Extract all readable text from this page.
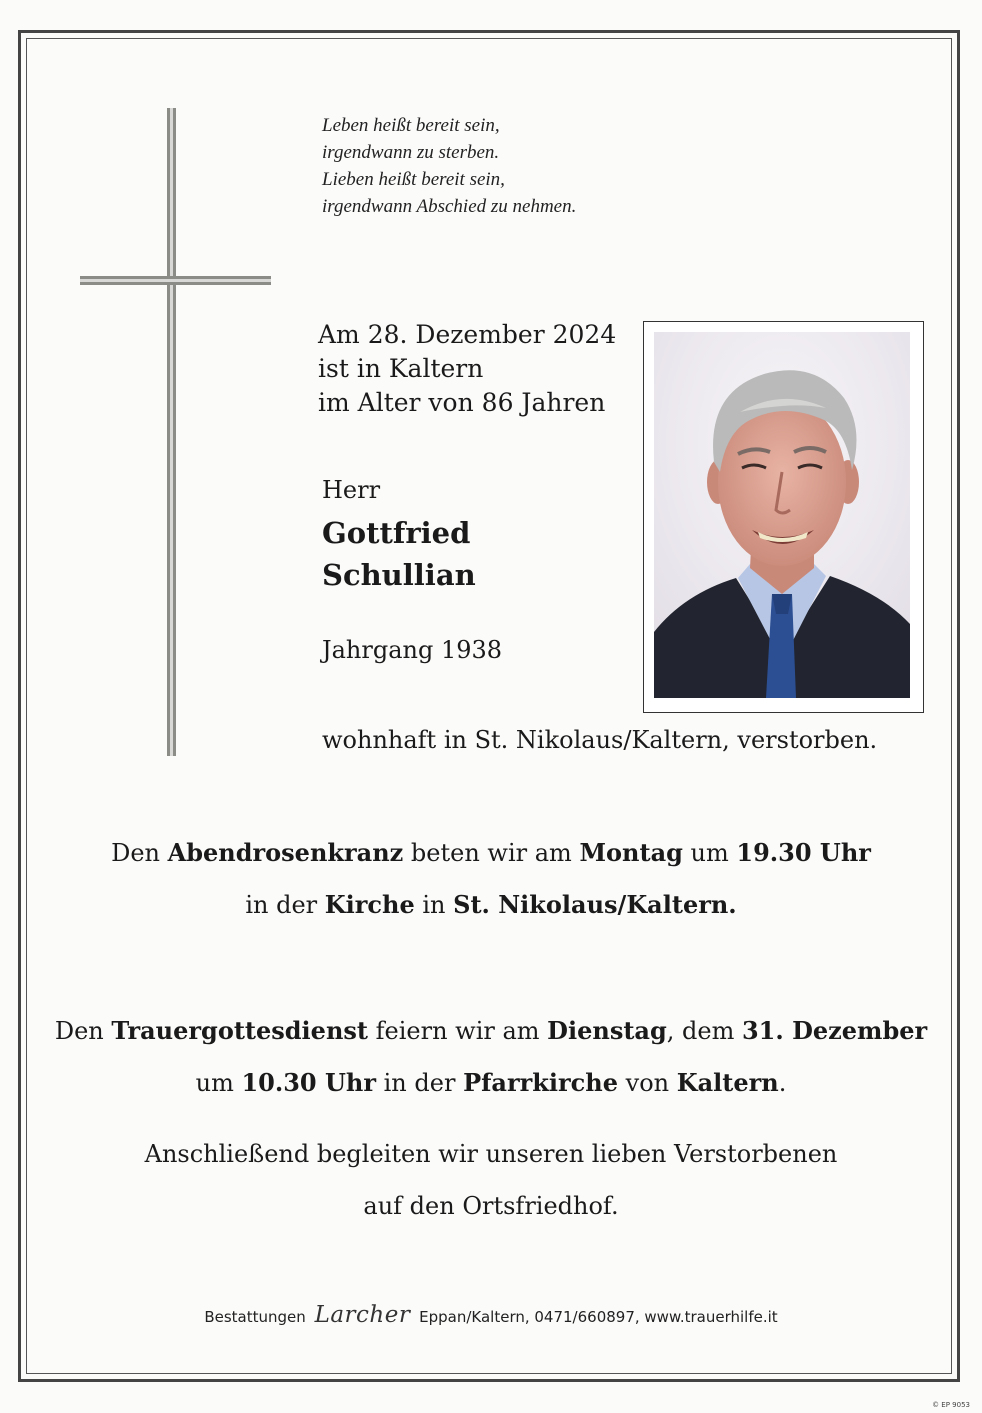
Leben heißt bereit sein,
irgendwann zu sterben.
Lieben heißt bereit sein,
irgendwann Abschied zu nehmen.
Am 28. Dezember 2024
ist in Kaltern
im Alter von 86 Jahren
Herr
Gottfried
Schullian
Jahrgang 1938
wohnhaft in St. Nikolaus/Kaltern, verstorben.
Den Abendrosenkranz beten wir am Montag um 19.30 Uhr
in der Kirche in St. Nikolaus/Kaltern.
Den Trauergottesdienst feiern wir am Dienstag, dem 31. Dezember
um 10.30 Uhr in der Pfarrkirche von Kaltern.
Anschließend begleiten wir unseren lieben Verstorbenen
auf den Ortsfriedhof.
Bestattungen Larcher Eppan/Kaltern, 0471/660897, www.trauerhilfe.it
© EP 9053
